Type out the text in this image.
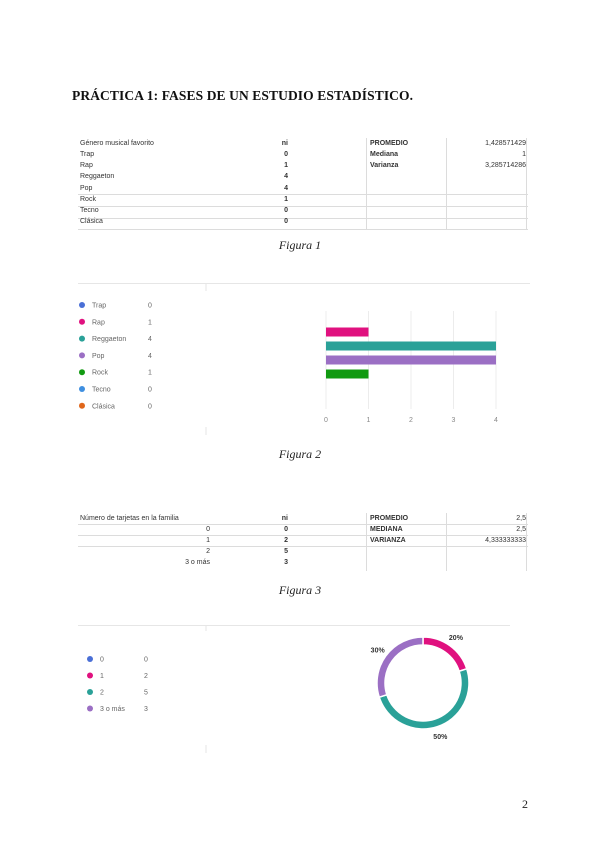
PRÁCTICA 1: FASES DE UN ESTUDIO ESTADÍSTICO.
Género musical favorito	ni
Trap	0
Rap	1
Reggaeton	4
Pop	4
Rock	1
Tecno	0
Clásica	0
PROMEDIO	1,428571429
Mediana	1
Varianza	3,285714286
Figura 1
Trap	0
Rap	1
Reggaeton	4
Pop	4
Rock	1
Tecno	0
Clásica	0
0	1	2	3	4
Figura 2
Número de tarjetas en la familia	ni
0	0
1	2
2	5
3 o más	3
PROMEDIO	2,5
MEDIANA	2,5
VARIANZA	4,333333333
Figura 3
0	0
1	2
2	5
3 o más	3
20%
50%
30%
2
